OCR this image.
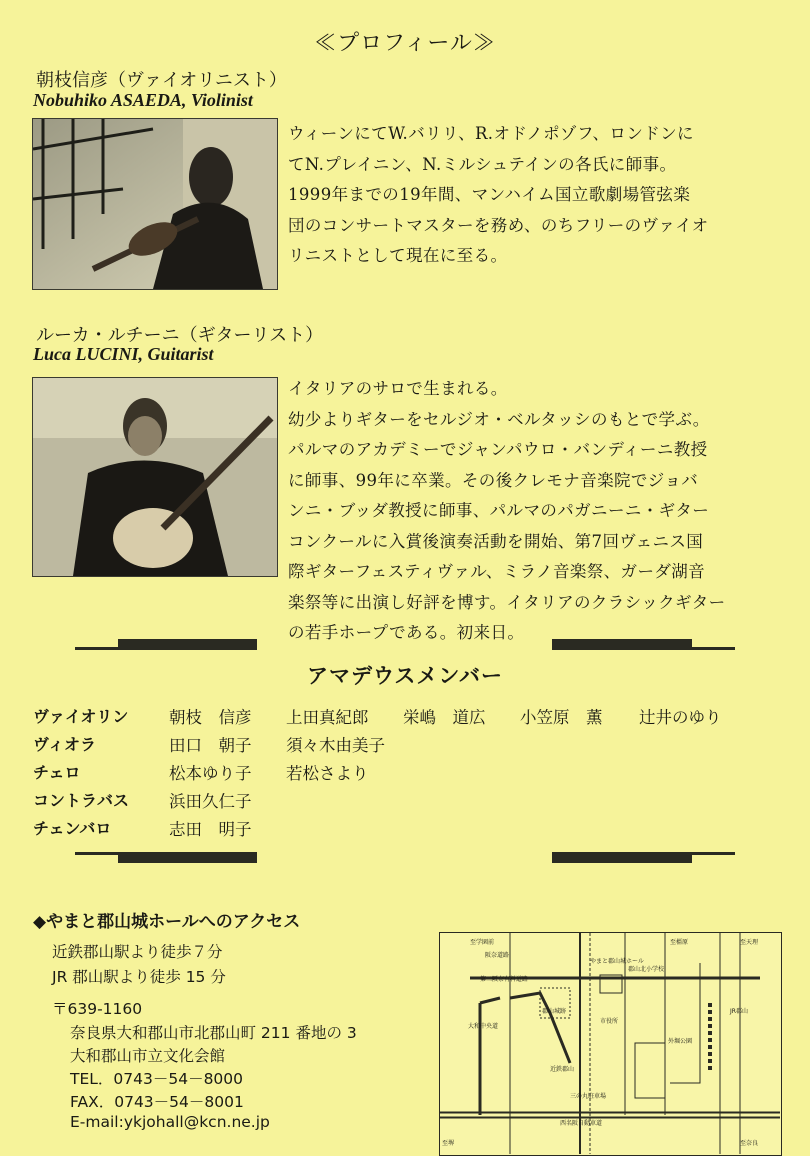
≪プロフィール≫
朝枝信彦（ヴァイオリニスト）
Nobuhiko ASAEDA, Violinist
ウィーンにてW.バリリ、R.オドノポゾフ、ロンドンに
てN.プレイニン、N.ミルシュテインの各氏に師事。
1999年までの19年間、マンハイム国立歌劇場管弦楽
団のコンサートマスターを務め、のちフリーのヴァイオ
リニストとして現在に至る。
ルーカ・ルチーニ（ギターリスト）
Luca LUCINI, Guitarist
イタリアのサロで生まれる。
幼少よりギターをセルジオ・ベルタッシのもとで学ぶ。
パルマのアカデミーでジャンパウロ・バンディーニ教授
に師事、99年に卒業。その後クレモナ音楽院でジョバ
ンニ・ブッダ教授に師事、パルマのパガニーニ・ギター
コンクールに入賞後演奏活動を開始、第7回ヴェニス国
際ギターフェスティヴァル、ミラノ音楽祭、ガーダ湖音
楽祭等に出演し好評を博す。イタリアのクラシックギター
の若手ホープである。初来日。
アマデウスメンバー
ヴァイオリン 朝枝　信彦 上田真紀郎 栄嶋　道広 小笠原　薫 辻井のゆり
ヴィオラ	田口　朝子 須々木由美子
チェロ	松本ゆり子 若松さより
コントラバス 浜田久仁子
チェンバロ	志田　明子
◆やまと郡山城ホールへのアクセス
近鉄郡山駅より徒歩７分
JR 郡山駅より徒歩 15 分
〒639-1160
奈良県大和郡山市北郡山町 211 番地の 3
大和郡山市立文化会館
TEL．0743－54－8000
FAX．0743－54－8001
E-mail:ykjohall@kcn.ne.jp
至学園前
阪奈道路
第二阪奈有料道路
大和中央道
郡山城跡
郡山北小学校
市役所
やまと郡山城ホール
西名阪自動車道
至奈良
至天理
至堺
至橿原
近鉄郡山
JR郡山
三の丸駐車場
外堀公園
